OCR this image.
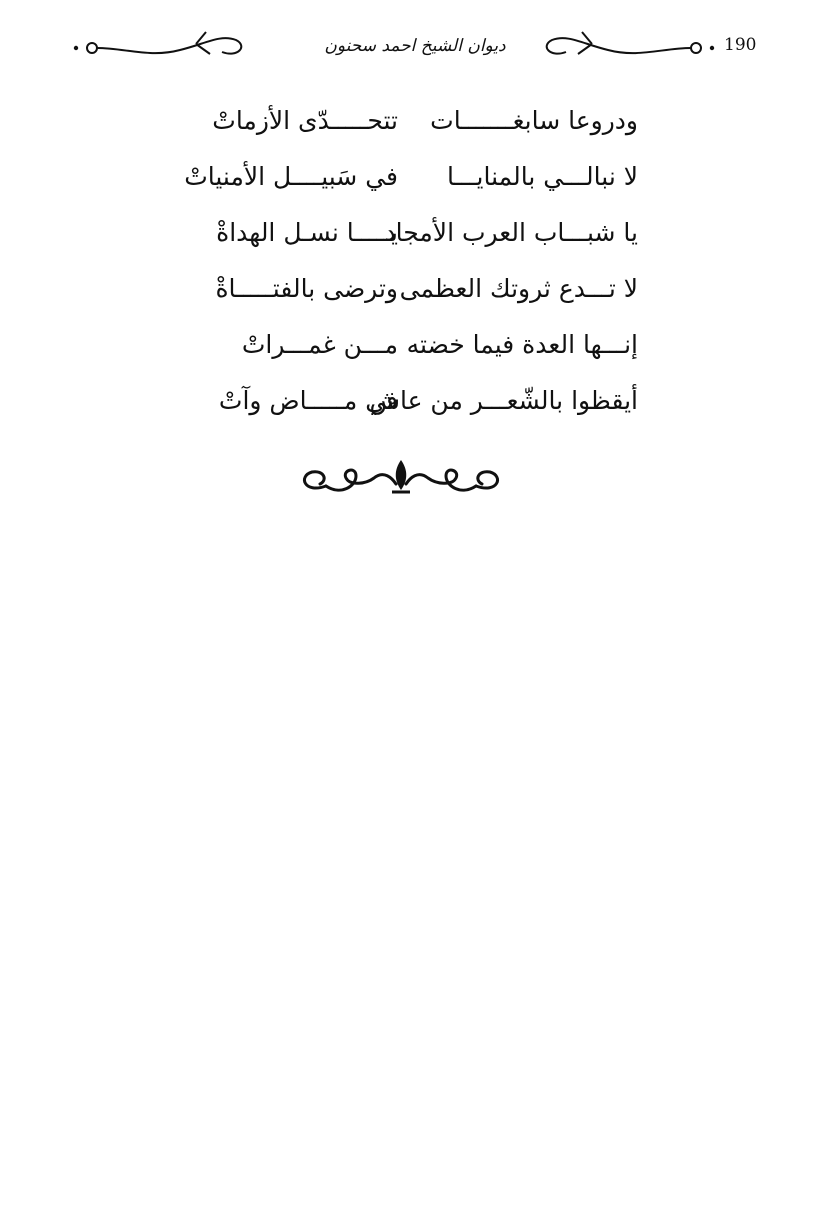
190
ديوان الشيخ احمد سحنون
ودروعا سابغـــــــات
تتحـــــدّى الأزماتْ
لا نبالـــي بالمنايـــا
في سَبيــــل الأمنياتْ
يا شبـــاب العرب الأمجاد
يـــــا نسـل الهداةْ
لا تـــدع ثروتك العظمى
وترضى بالفتـــــاةْ
إنـــها العدة فيما خضته
مـــن غمـــراتْ
أيقظوا بالشّعـــر من عاش
في مـــــاض وآتْ
